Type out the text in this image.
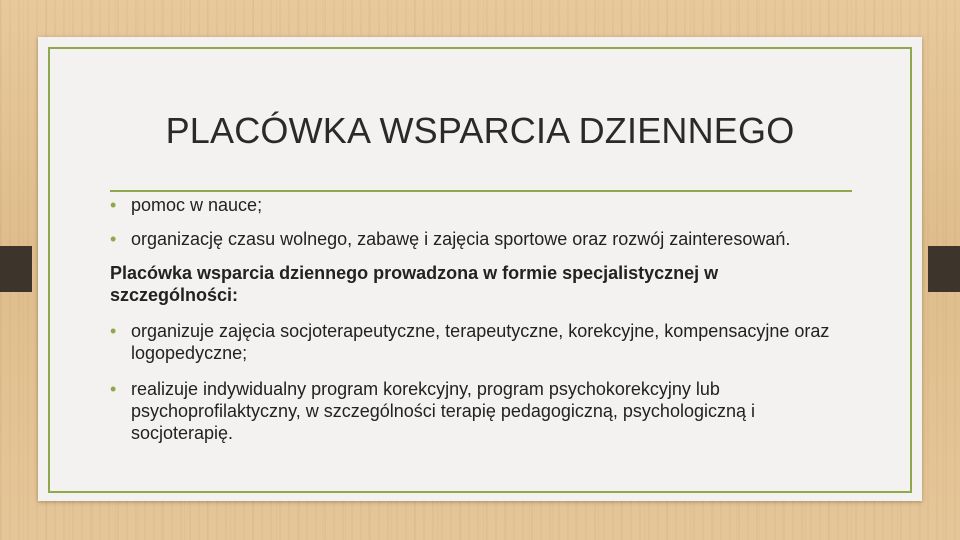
PLACÓWKA WSPARCIA DZIENNEGO
• pomoc w nauce;
• organizację czasu wolnego, zabawę i zajęcia sportowe oraz rozwój zainteresowań.
Placówka wsparcia dziennego prowadzona w formie specjalistycznej w szczególności:
• organizuje zajęcia socjoterapeutyczne, terapeutyczne, korekcyjne, kompensacyjne oraz logopedyczne;
• realizuje indywidualny program korekcyjny, program psychokorekcyjny lub psychoprofilaktyczny, w szczególności terapię pedagogiczną, psychologiczną i socjoterapię.
